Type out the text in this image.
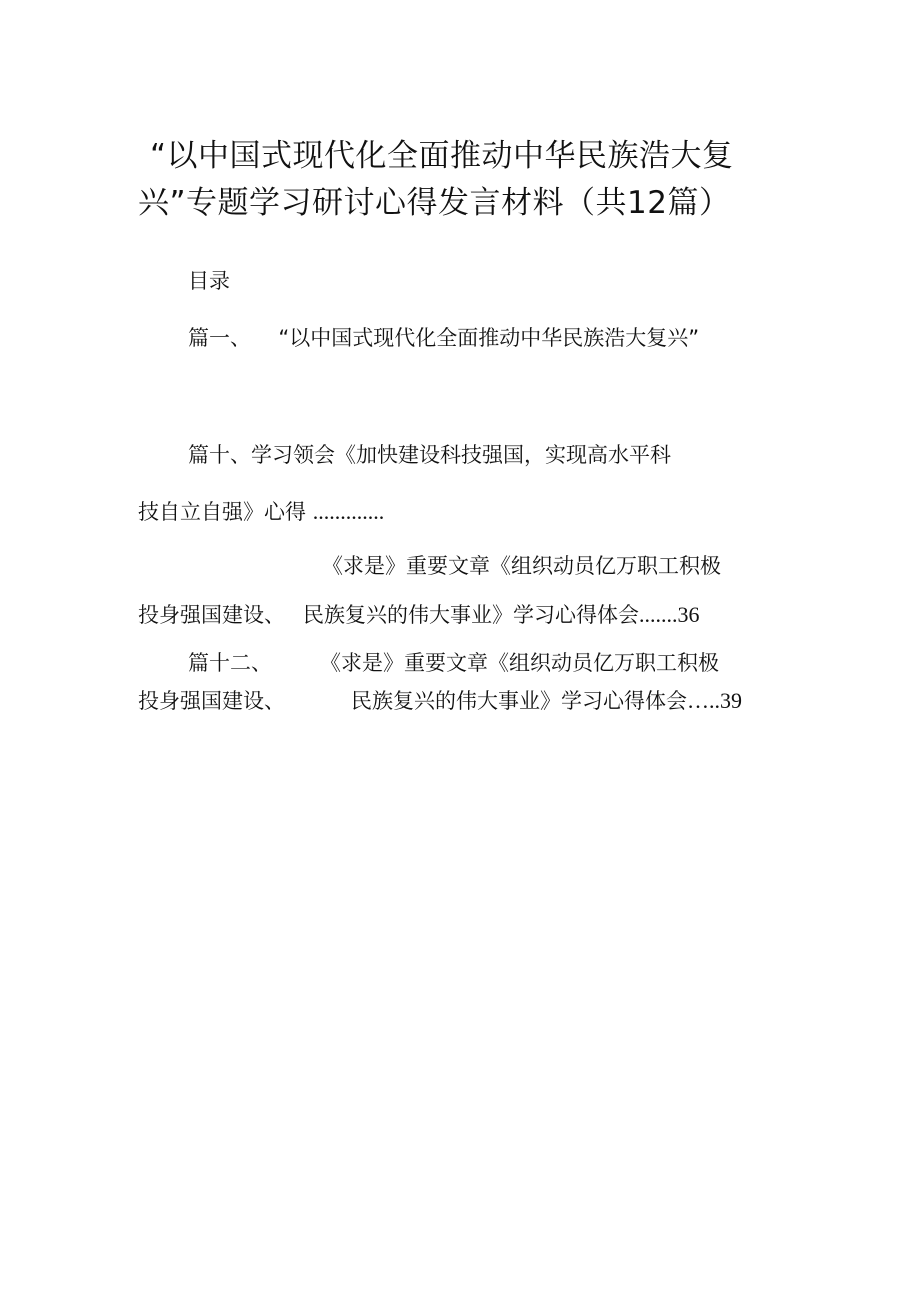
“以中国式现代化全面推动中华民族浩大复
兴”专题学习研讨心得发言材料（共12篇）
目录
篇一、 “以中国式现代化全面推动中华民族浩大复兴”
篇十、学习领会《加快建设科技强国，实现高水平科
技自立自强》心得 .............
《求是》重要文章《组织动员亿万职工积极
投身强国建设、 民族复兴的伟大事业》学习心得体会.......36
篇十二、 《求是》重要文章《组织动员亿万职工积极
投身强国建设、	民族复兴的伟大事业》学习心得体会…..39
